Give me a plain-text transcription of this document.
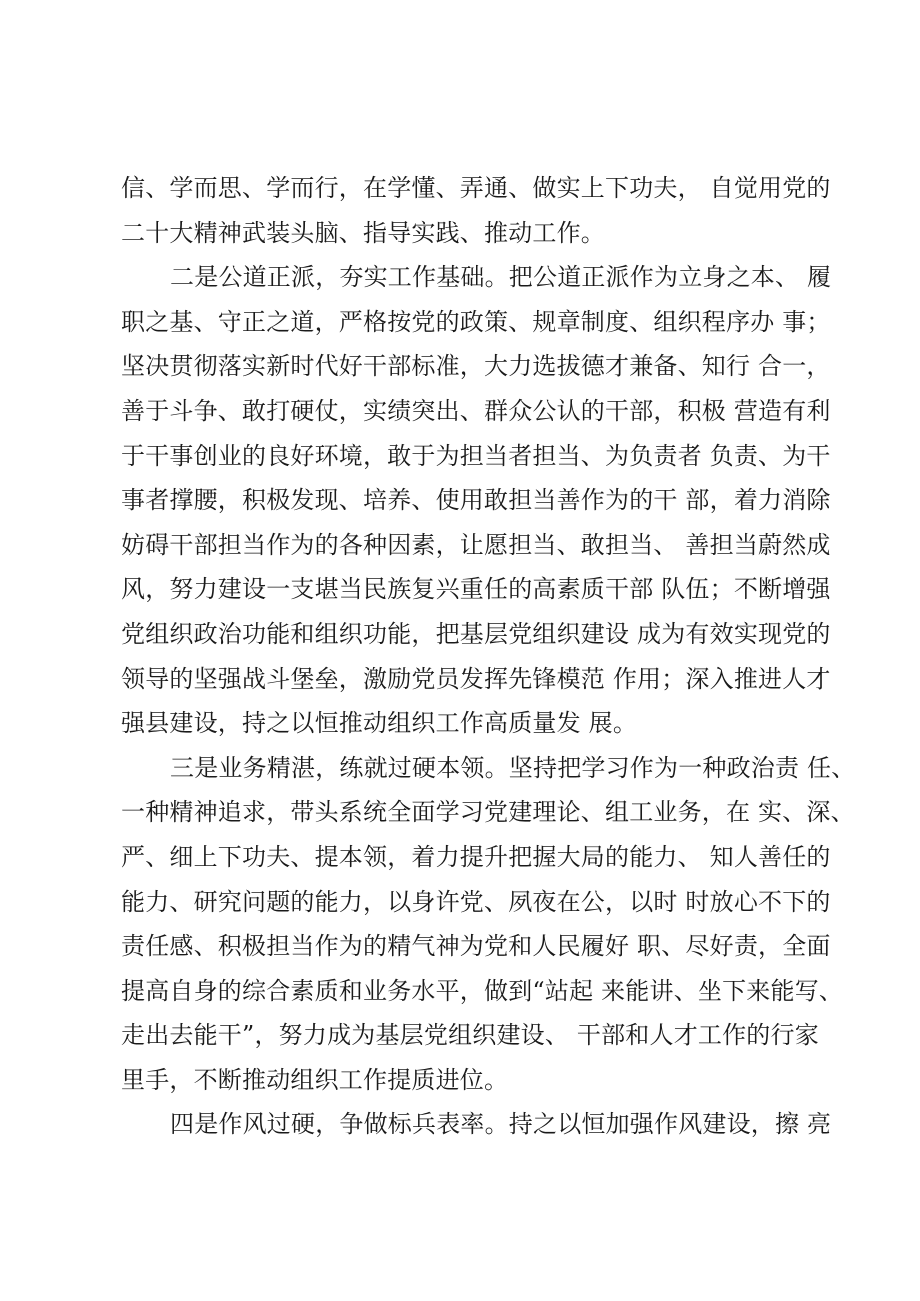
信、学而思、学而行，在学懂、弄通、做实上下功夫， 自觉用党的
二十大精神武装头脑、指导实践、推动工作。
二是公道正派，夯实工作基础。把公道正派作为立身之本、 履
职之基、守正之道，严格按党的政策、规章制度、组织程序办 事；
坚决贯彻落实新时代好干部标准，大力选拔德才兼备、知行 合一，
善于斗争、敢打硬仗，实绩突出、群众公认的干部，积极 营造有利
于干事创业的良好环境，敢于为担当者担当、为负责者 负责、为干
事者撑腰，积极发现、培养、使用敢担当善作为的干 部，着力消除
妨碍干部担当作为的各种因素，让愿担当、敢担当、 善担当蔚然成
风，努力建设一支堪当民族复兴重任的高素质干部 队伍；不断增强
党组织政治功能和组织功能，把基层党组织建设 成为有效实现党的
领导的坚强战斗堡垒，激励党员发挥先锋模范 作用；深入推进人才
强县建设，持之以恒推动组织工作高质量发 展。
三是业务精湛，练就过硬本领。坚持把学习作为一种政治责 任、
一种精神追求，带头系统全面学习党建理论、组工业务，在 实、深、
严、细上下功夫、提本领，着力提升把握大局的能力、 知人善任的
能力、研究问题的能力，以身许党、夙夜在公，以时 时放心不下的
责任感、积极担当作为的精气神为党和人民履好 职、尽好责，全面
提高自身的综合素质和业务水平，做到“站起 来能讲、坐下来能写、
走出去能干”，努力成为基层党组织建设、 干部和人才工作的行家
里手，不断推动组织工作提质进位。
四是作风过硬，争做标兵表率。持之以恒加强作风建设，擦 亮
